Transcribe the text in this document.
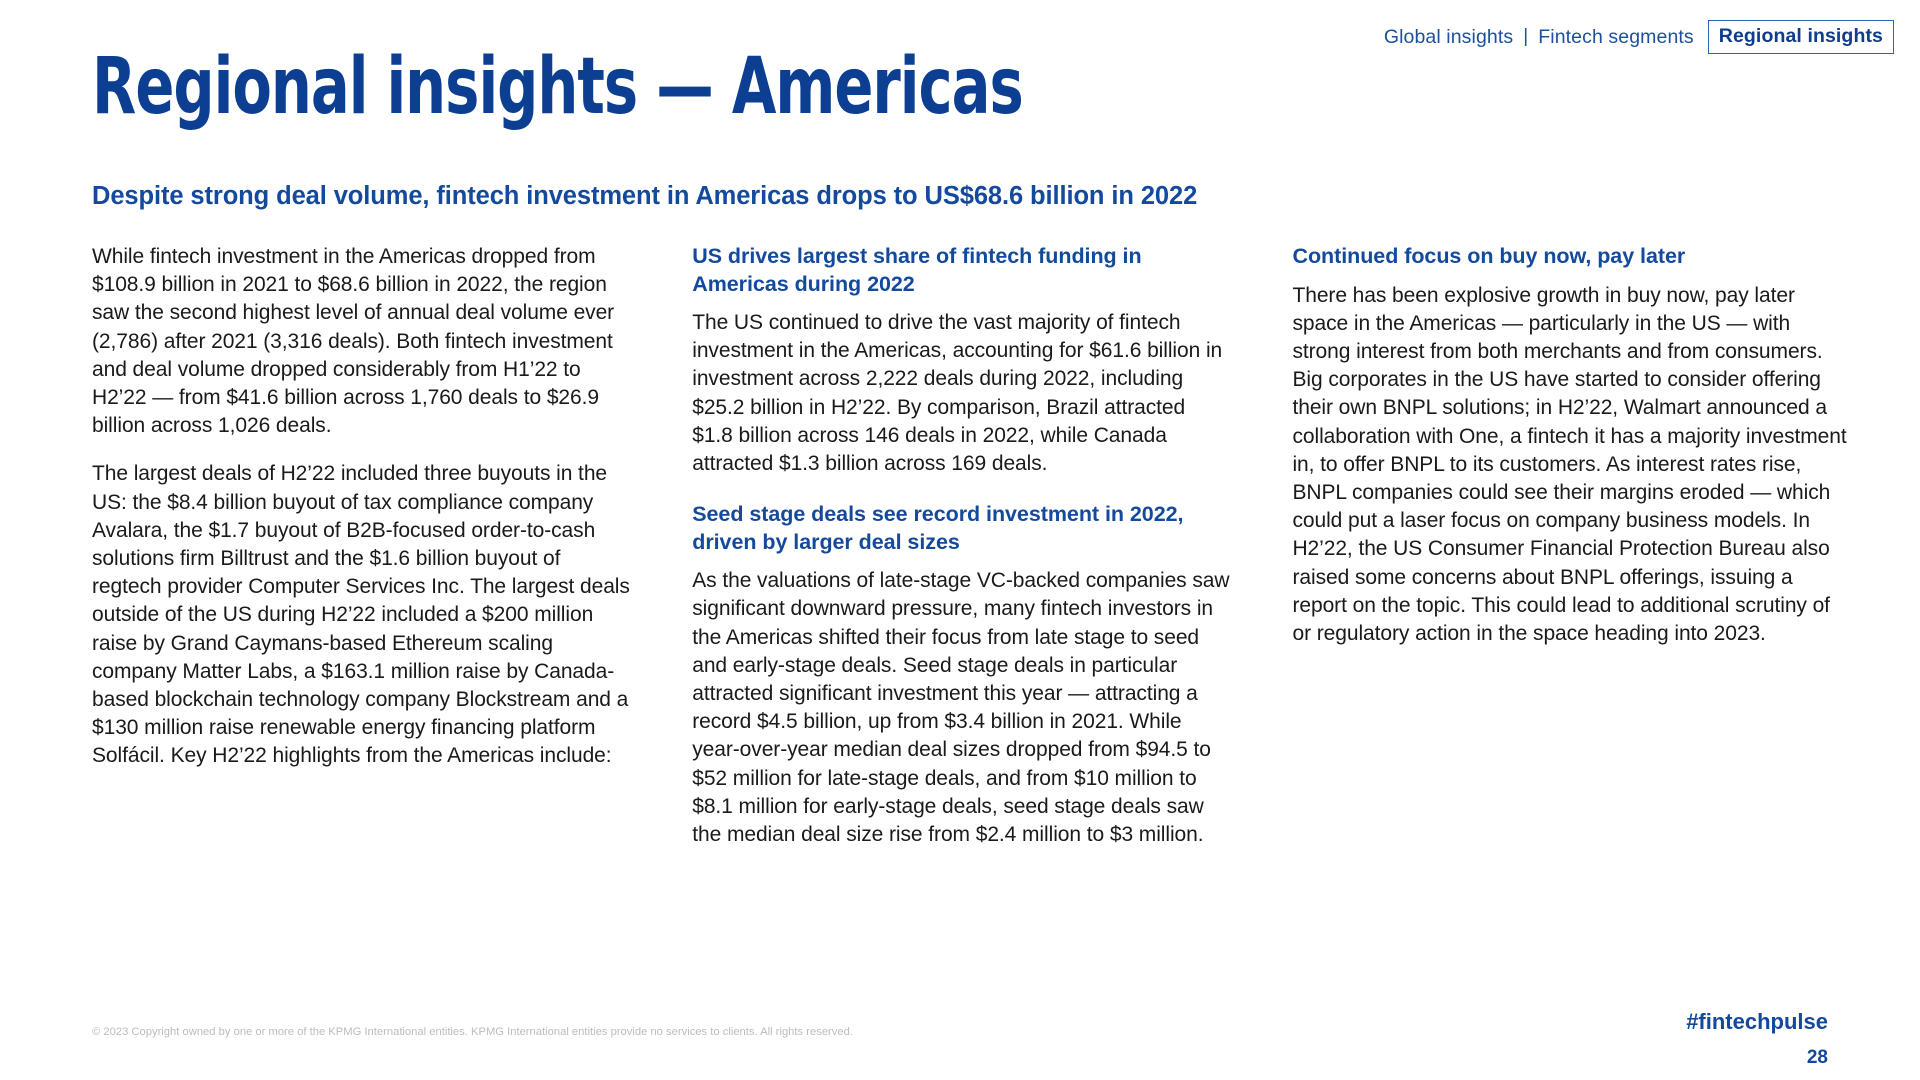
Global insights | Fintech segments	Regional insights
Regional insights — Americas
Despite strong deal volume, fintech investment in Americas drops to US$68.6 billion in 2022

While fintech investment in the Americas dropped from $108.9 billion in 2021 to $68.6 billion in 2022, the region saw the second highest level of annual deal volume ever (2,786) after 2021 (3,316 deals). Both fintech investment and deal volume dropped considerably from H1’22 to H2’22 — from $41.6 billion across 1,760 deals to $26.9 billion across 1,026 deals.

The largest deals of H2’22 included three buyouts in the US: the $8.4 billion buyout of tax compliance company Avalara, the $1.7 buyout of B2B-focused order-to-cash solutions firm Billtrust and the $1.6 billion buyout of regtech provider Computer Services Inc. The largest deals outside of the US during H2’22 included a $200 million raise by Grand Caymans-based Ethereum scaling company Matter Labs, a $163.1 million raise by Canada-based blockchain technology company Blockstream and a $130 million raise renewable energy financing platform Solfácil. Key H2’22 highlights from the Americas include:

US drives largest share of fintech funding in Americas during 2022

The US continued to drive the vast majority of fintech investment in the Americas, accounting for $61.6 billion in investment across 2,222 deals during 2022, including $25.2 billion in H2’22. By comparison, Brazil attracted $1.8 billion across 146 deals in 2022, while Canada attracted $1.3 billion across 169 deals.

Seed stage deals see record investment in 2022, driven by larger deal sizes

As the valuations of late-stage VC-backed companies saw significant downward pressure, many fintech investors in the Americas shifted their focus from late stage to seed and early-stage deals. Seed stage deals in particular attracted significant investment this year — attracting a record $4.5 billion, up from $3.4 billion in 2021. While year-over-year median deal sizes dropped from $94.5 to $52 million for late-stage deals, and from $10 million to $8.1 million for early-stage deals, seed stage deals saw the median deal size rise from $2.4 million to $3 million.

Continued focus on buy now, pay later

There has been explosive growth in buy now, pay later space in the Americas — particularly in the US — with strong interest from both merchants and from consumers. Big corporates in the US have started to consider offering their own BNPL solutions; in H2’22, Walmart announced a collaboration with One, a fintech it has a majority investment in, to offer BNPL to its customers. As interest rates rise, BNPL companies could see their margins eroded — which could put a laser focus on company business models. In H2’22, the US Consumer Financial Protection Bureau also raised some concerns about BNPL offerings, issuing a report on the topic. This could lead to additional scrutiny of or regulatory action in the space heading into 2023.

© 2023 Copyright owned by one or more of the KPMG International entities. KPMG International entities provide no services to clients. All rights reserved.	#fintechpulse
28
